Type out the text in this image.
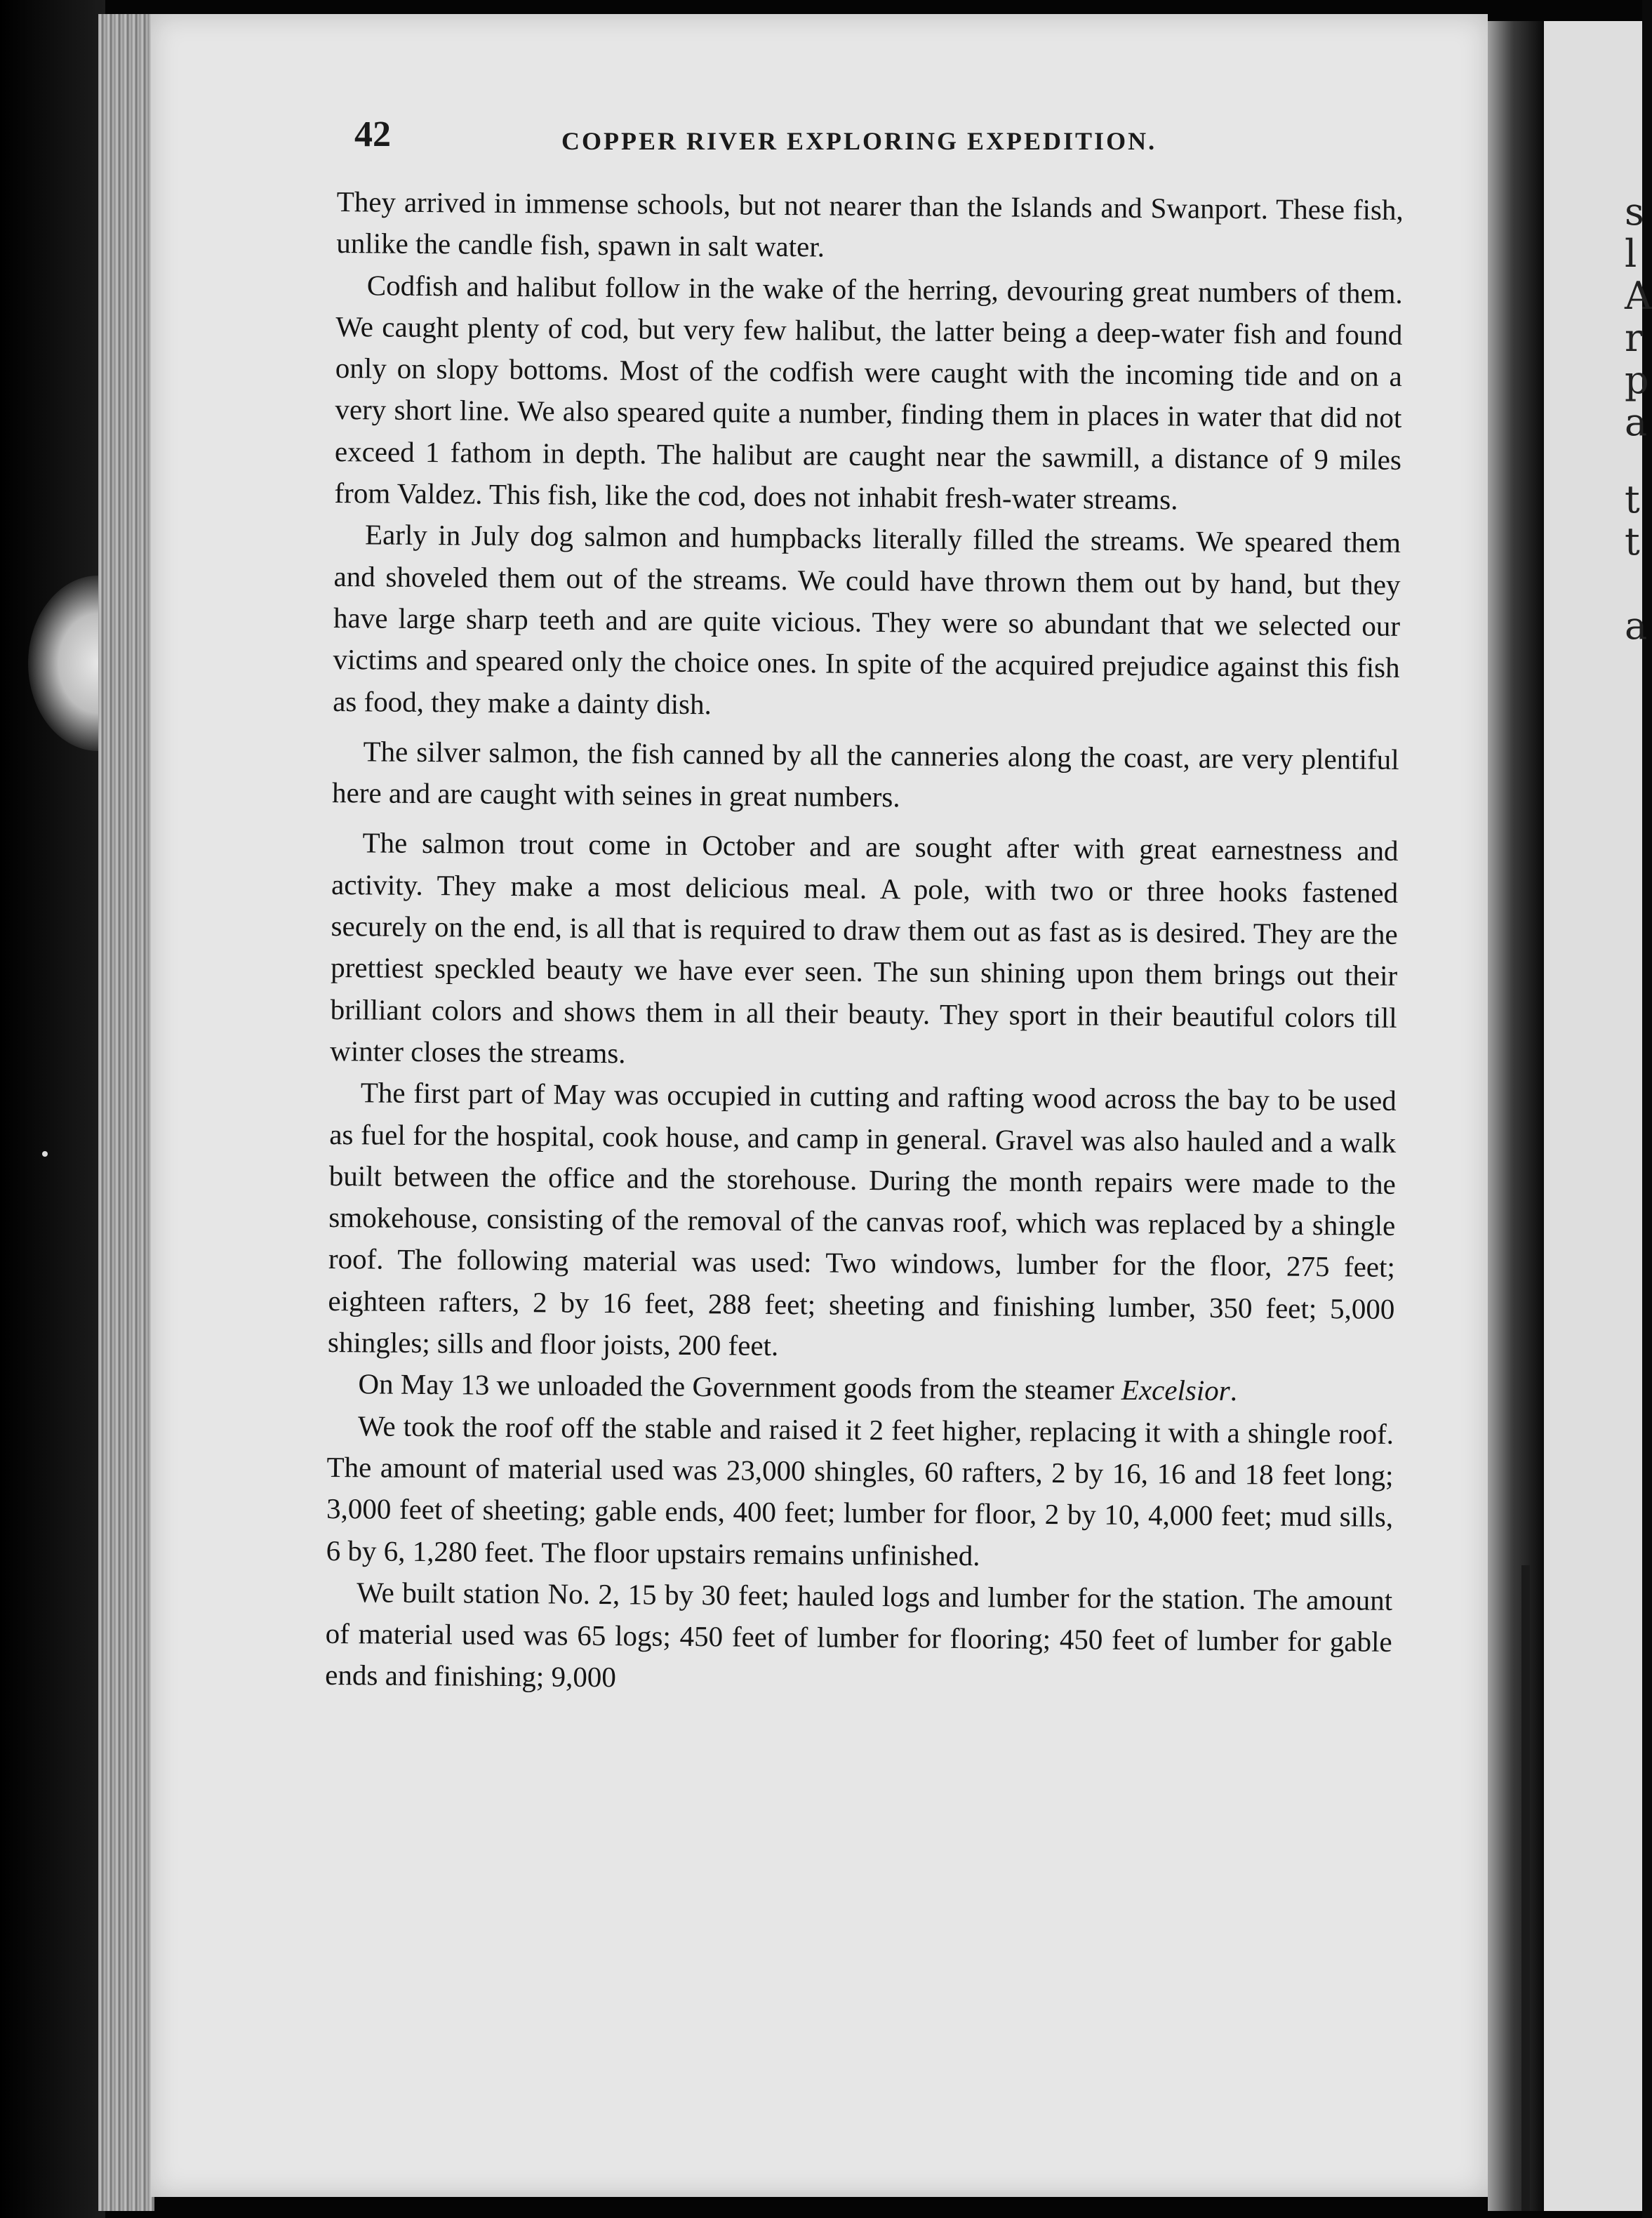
s
l
A
r
p
a
t
t
a
42	COPPER RIVER EXPLORING EXPEDITION.

They arrived in immense schools, but not nearer than the Islands and Swanport. These fish, unlike the candle fish, spawn in salt water.

Codfish and halibut follow in the wake of the herring, devouring great numbers of them. We caught plenty of cod, but very few halibut, the latter being a deep-water fish and found only on slopy bottoms. Most of the codfish were caught with the incoming tide and on a very short line. We also speared quite a number, finding them in places in water that did not exceed 1 fathom in depth. The halibut are caught near the sawmill, a distance of 9 miles from Valdez. This fish, like the cod, does not inhabit fresh-water streams.

Early in July dog salmon and humpbacks literally filled the streams. We speared them and shoveled them out of the streams. We could have thrown them out by hand, but they have large sharp teeth and are quite vicious. They were so abundant that we selected our victims and speared only the choice ones. In spite of the acquired prejudice against this fish as food, they make a dainty dish.

The silver salmon, the fish canned by all the canneries along the coast, are very plentiful here and are caught with seines in great numbers.

The salmon trout come in October and are sought after with great earnestness and activity. They make a most delicious meal. A pole, with two or three hooks fastened securely on the end, is all that is required to draw them out as fast as is desired. They are the prettiest speckled beauty we have ever seen. The sun shining upon them brings out their brilliant colors and shows them in all their beauty. They sport in their beautiful colors till winter closes the streams.

The first part of May was occupied in cutting and rafting wood across the bay to be used as fuel for the hospital, cook house, and camp in general. Gravel was also hauled and a walk built between the office and the storehouse. During the month repairs were made to the smokehouse, consisting of the removal of the canvas roof, which was replaced by a shingle roof. The following material was used: Two windows, lumber for the floor, 275 feet; eighteen rafters, 2 by 16 feet, 288 feet; sheeting and finishing lumber, 350 feet; 5,000 shingles; sills and floor joists, 200 feet.

On May 13 we unloaded the Government goods from the steamer Excelsior.

We took the roof off the stable and raised it 2 feet higher, replacing it with a shingle roof. The amount of material used was 23,000 shingles, 60 rafters, 2 by 16, 16 and 18 feet long; 3,000 feet of sheeting; gable ends, 400 feet; lumber for floor, 2 by 10, 4,000 feet; mud sills, 6 by 6, 1,280 feet. The floor upstairs remains unfinished.

We built station No. 2, 15 by 30 feet; hauled logs and lumber for the station. The amount of material used was 65 logs; 450 feet of lumber for flooring; 450 feet of lumber for gable ends and finishing; 9,000
